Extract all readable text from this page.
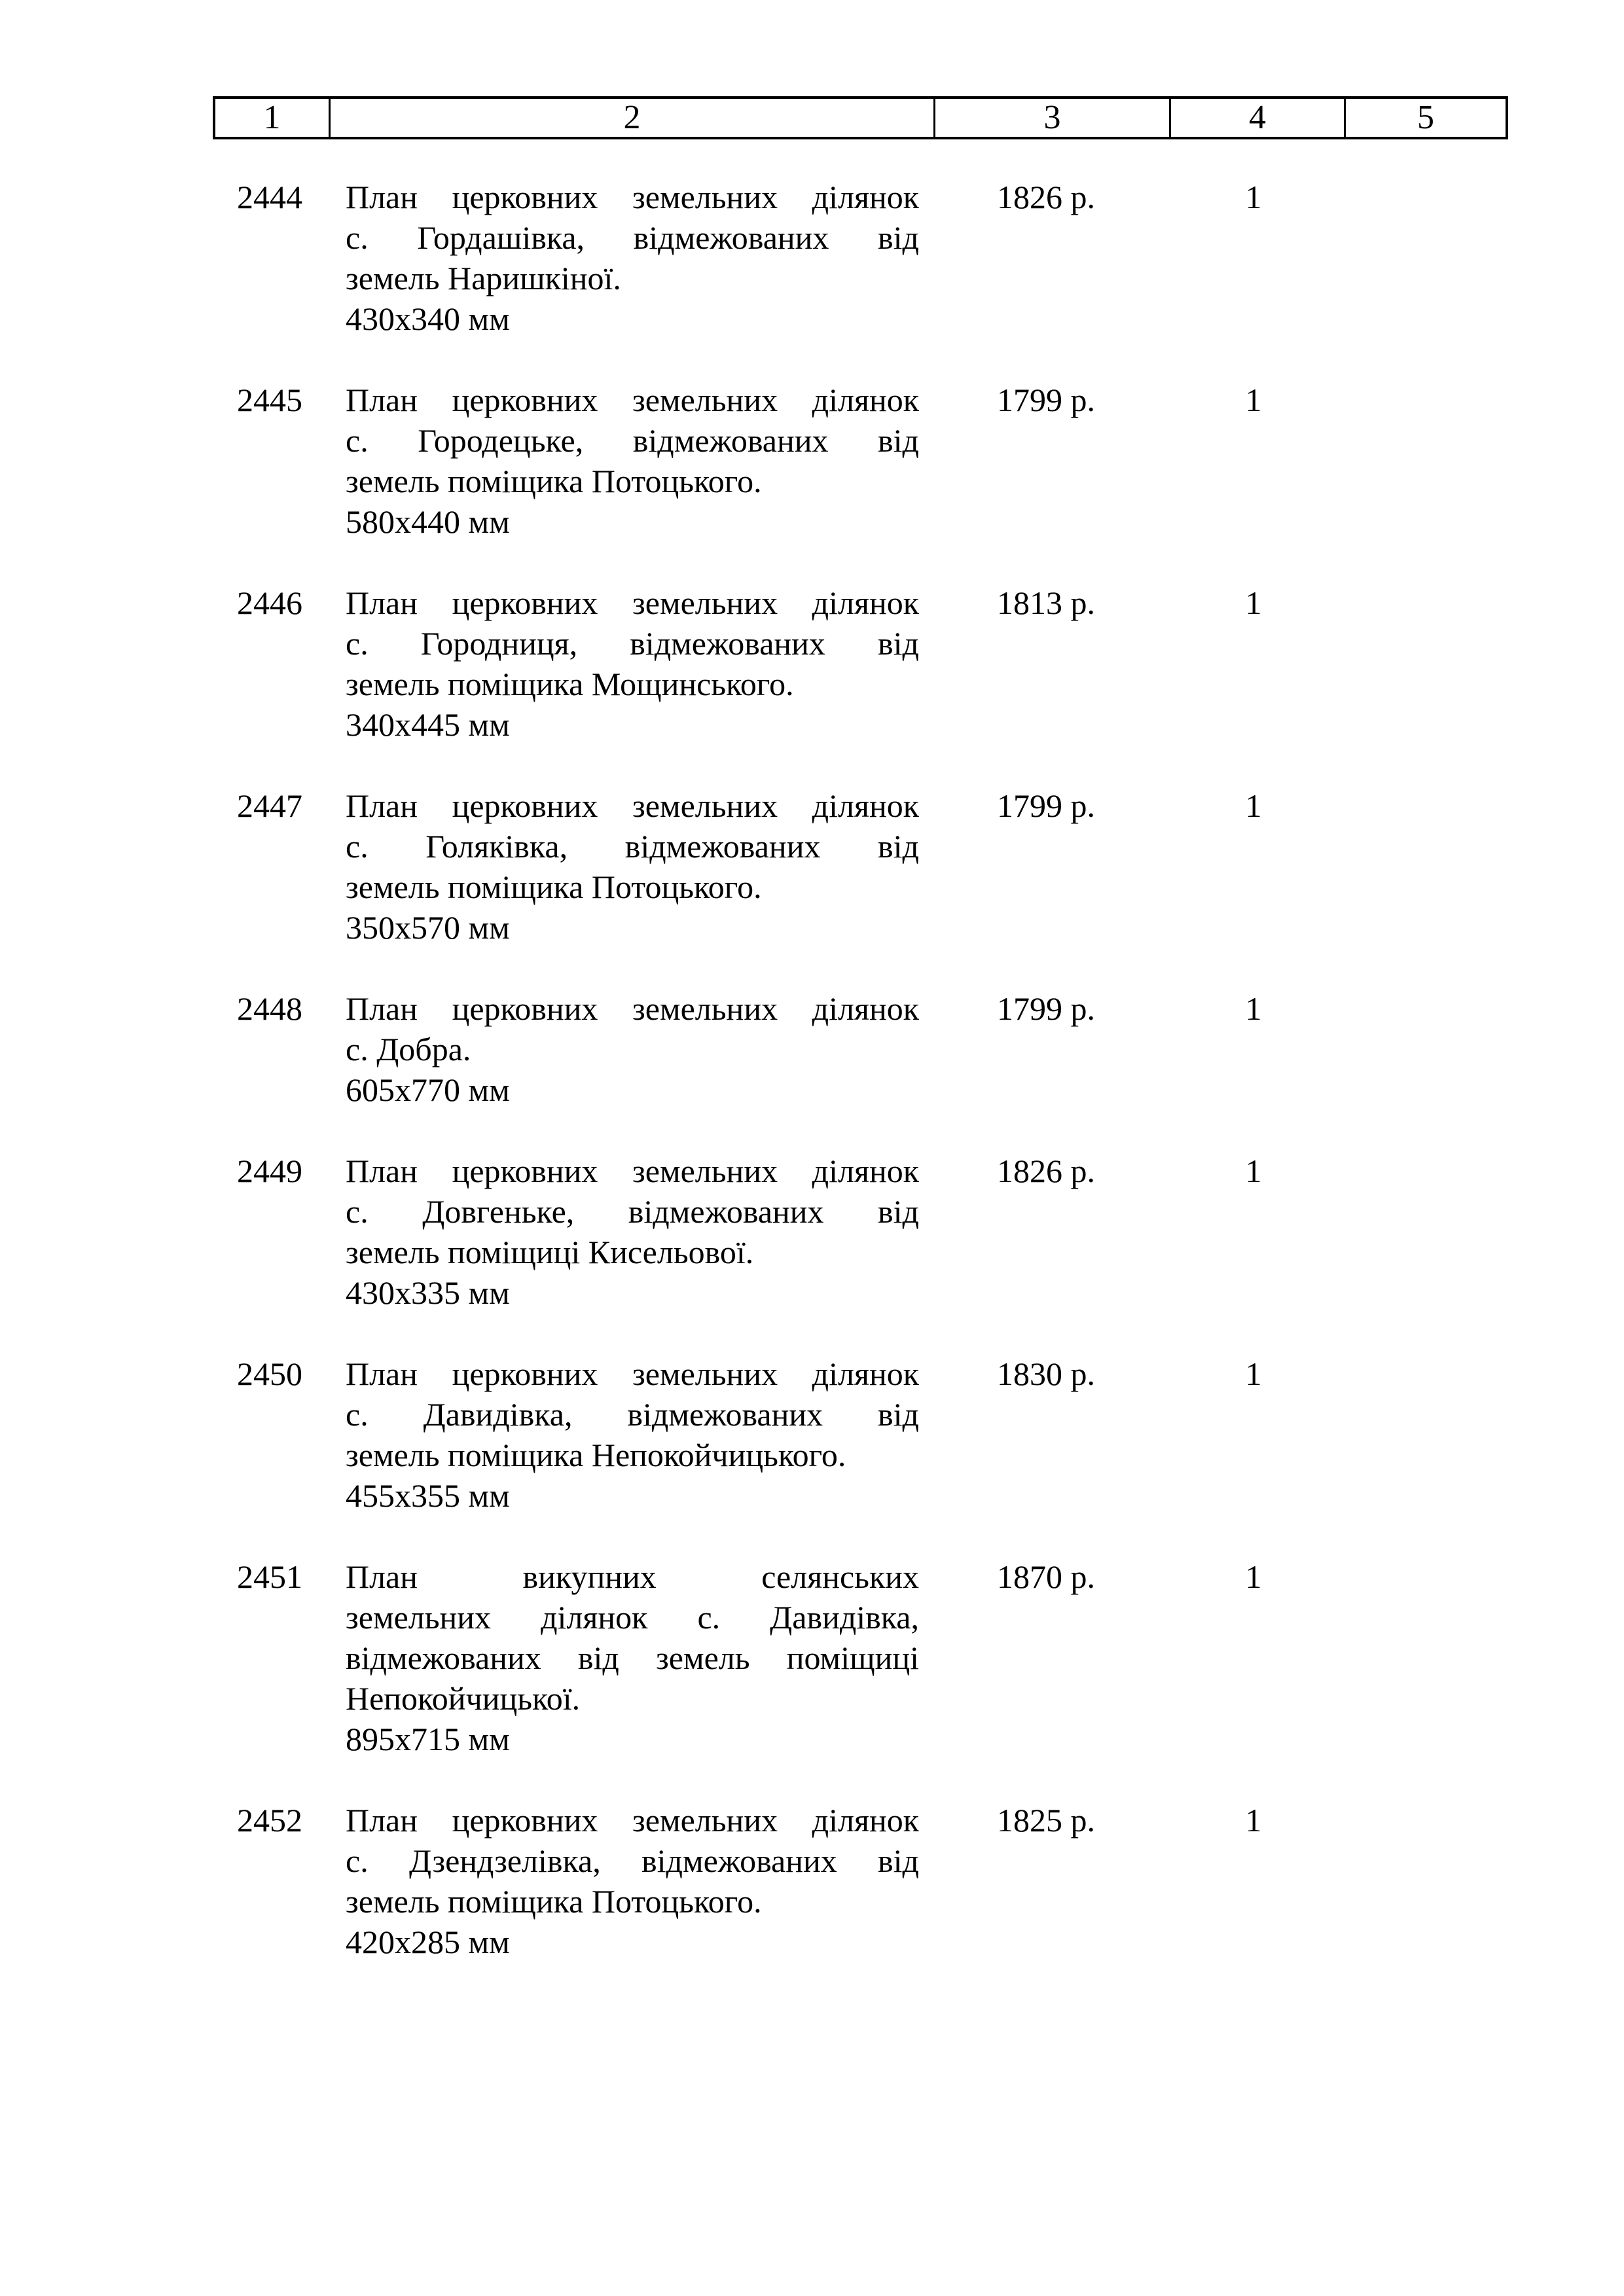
1	2	3	4	5
2444	План церковних земельних ділянок
с. Гордашівка, відмежованих від
земель Наришкіної.
430х340 мм
1826 р.	1
2445	План церковних земельних ділянок
с. Городецьке, відмежованих від
земель поміщика Потоцького.
580х440 мм
1799 р.	1
2446	План церковних земельних ділянок
с. Городниця, відмежованих від
земель поміщика Мощинського.
340х445 мм
1813 р.	1
2447	План церковних земельних ділянок
с. Голяківка, відмежованих від
земель поміщика Потоцького.
350х570 мм
1799 р.	1
2448	План церковних земельних ділянок
с. Добра.
605х770 мм
1799 р.	1
2449	План церковних земельних ділянок
с. Довгеньке, відмежованих від
земель поміщиці Кисельової.
430х335 мм
1826 р.	1
2450	План церковних земельних ділянок
с. Давидівка, відмежованих від
земель поміщика Непокойчицького.
455х355 мм
1830 р.	1
2451	План викупних селянських
земельних ділянок с. Давидівка,
відмежованих від земель поміщиці
Непокойчицької.
895х715 мм
1870 р.	1
2452	План церковних земельних ділянок
с. Дзендзелівка, відмежованих від
земель поміщика Потоцького.
420х285 мм
1825 р.	1
